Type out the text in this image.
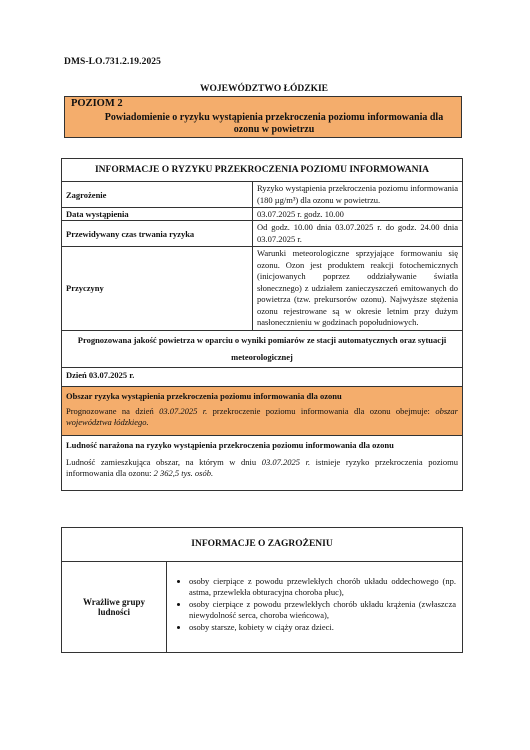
DMS-LO.731.2.19.2025
WOJEWÓDZTWO ŁÓDZKIE
POZIOM 2
Powiadomienie o ryzyku wystąpienia przekroczenia poziomu informowania dla ozonu w powietrzu
INFORMACJE O RYZYKU PRZEKROCZENIA POZIOMU INFORMOWANIA	
Zagrożenie	Ryzyko wystąpienia przekroczenia poziomu informowania (180 µg/m³) dla ozonu w powietrzu.
Data wystąpienia	03.07.2025 r. godz. 10.00
Przewidywany czas trwania ryzyka	Od godz. 10.00 dnia 03.07.2025 r. do godz. 24.00 dnia 03.07.2025 r.
Przyczyny	Warunki meteorologiczne sprzyjające formowaniu się ozonu. Ozon jest produktem reakcji fotochemicznych (inicjowanych poprzez oddziaływanie światła słonecznego) z udziałem zanieczyszczeń emitowanych do powietrza (tzw. prekursorów ozonu). Najwyższe stężenia ozonu rejestrowane są w okresie letnim przy dużym nasłonecznieniu w godzinach popołudniowych.
Prognozowana jakość powietrza w oparciu o wyniki pomiarów ze stacji automatycznych oraz sytuacji meteorologicznej	
Dzień 03.07.2025 r.	

Obszar ryzyka wystąpienia przekroczenia poziomu informowania dla ozonu
Prognozowane na dzień 03.07.2025 r. przekroczenie poziomu informowania dla ozonu obejmuje: obszar województwa łódzkiego.	

Ludność narażona na ryzyko wystąpienia przekroczenia poziomu informowania dla ozonu
Ludność zamieszkująca obszar, na którym w dniu 03.07.2025 r. istnieje ryzyko przekroczenia poziomu informowania dla ozonu: 2 362,5 tys. osób.	
INFORMACJE O ZAGROŻENIU
Wrażliwe grupy ludności	
• osoby cierpiące z powodu przewlekłych chorób układu oddechowego (np. astma, przewlekła obturacyjna choroba płuc),
• osoby cierpiące z powodu przewlekłych chorób układu krążenia (zwłaszcza niewydolność serca, choroba wieńcowa),
• osoby starsze, kobiety w ciąży oraz dzieci.
